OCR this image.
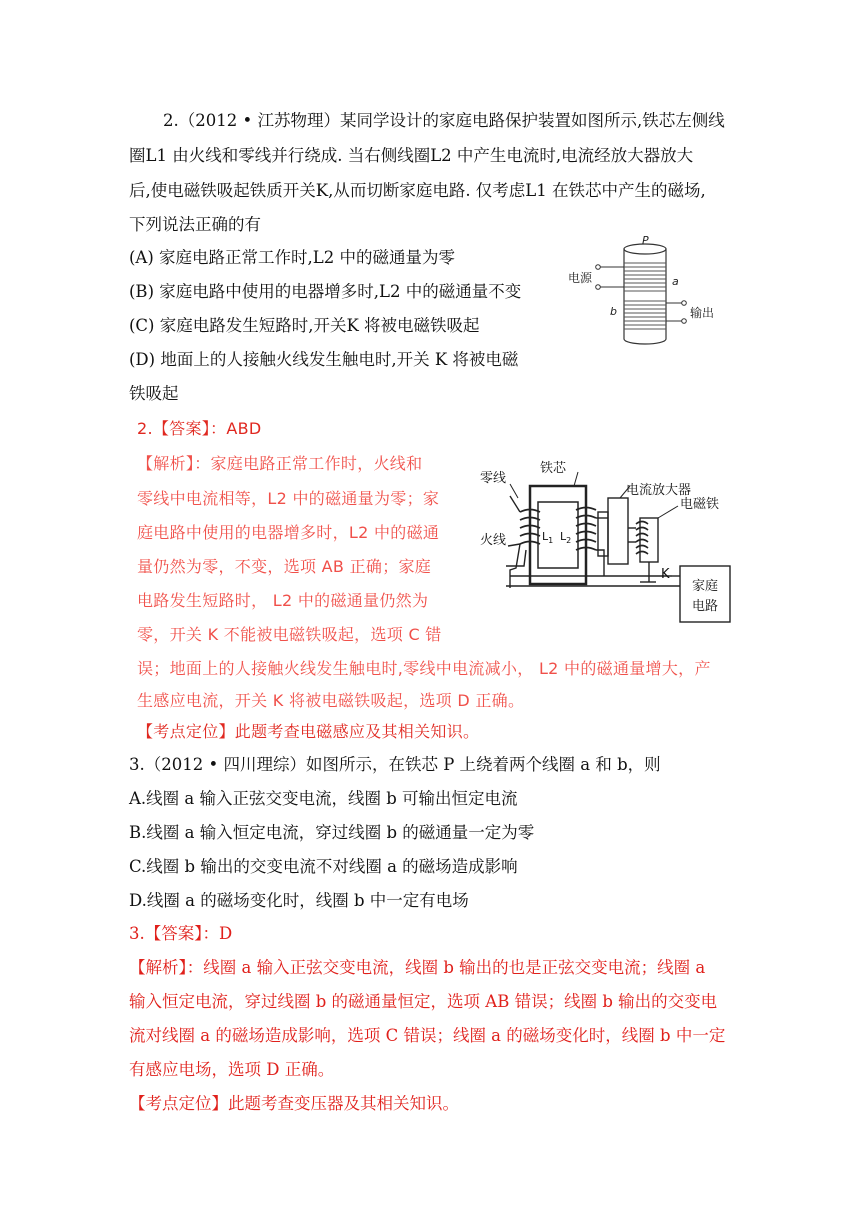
2.（2012 • 江苏物理）某同学设计的家庭电路保护装置如图所示,铁芯左侧线
圈L1 由火线和零线并行绕成. 当右侧线圈L2 中产生电流时,电流经放大器放大
后,使电磁铁吸起铁质开关K,从而切断家庭电路. 仅考虑L1 在铁芯中产生的磁场,
下列说法正确的有
(A) 家庭电路正常工作时,L2 中的磁通量为零
(B) 家庭电路中使用的电器增多时,L2 中的磁通量不变
(C) 家庭电路发生短路时,开关K 将被电磁铁吸起
(D) 地面上的人接触火线发生触电时,开关 K 将被电磁
铁吸起
P
电源	a
b	输出
2.【答案】：ABD
【解析】：家庭电路正常工作时，火线和
零线中电流相等，L2 中的磁通量为零；家
庭电路中使用的电器增多时，L2 中的磁通
量仍然为零，不变，选项 AB 正确；家庭
电路发生短路时， L2 中的磁通量仍然为
零，开关 K 不能被电磁铁吸起，选项 C 错
误；地面上的人接触火线发生触电时,零线中电流减小， L2 中的磁通量增大，产
生感应电流，开关 K 将被电磁铁吸起，选项 D 正确。
【考点定位】此题考查电磁感应及其相关知识。
零线
火线
铁芯
电流放大器
电磁铁
$L_1$ $L_2$
K
家庭
电路
3.（2012 • 四川理综）如图所示，在铁芯 P 上绕着两个线圈 a 和 b，则
A.线圈 a 输入正弦交变电流，线圈 b 可输出恒定电流
B.线圈 a 输入恒定电流，穿过线圈 b 的磁通量一定为零
C.线圈 b 输出的交变电流不对线圈 a 的磁场造成影响
D.线圈 a 的磁场变化时，线圈 b 中一定有电场
3.【答案】：D
【解析】：线圈 a 输入正弦交变电流，线圈 b 输出的也是正弦交变电流；线圈 a
输入恒定电流，穿过线圈 b 的磁通量恒定，选项 AB 错误；线圈 b 输出的交变电
流对线圈 a 的磁场造成影响，选项 C 错误；线圈 a 的磁场变化时，线圈 b 中一定
有感应电场，选项 D 正确。
【考点定位】此题考查变压器及其相关知识。
